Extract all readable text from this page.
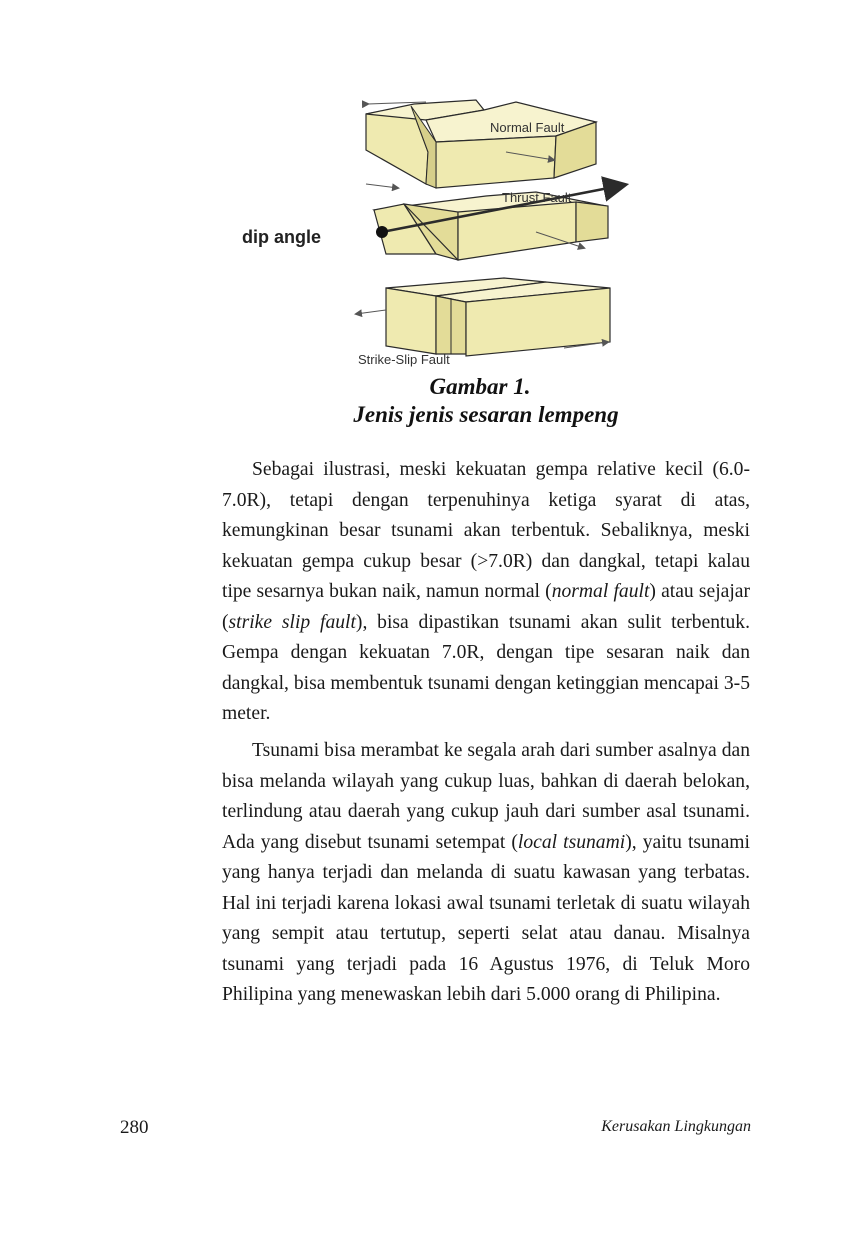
Normal Fault
Thrust Fault
dip angle
Strike-Slip Fault
Gambar 1.
Jenis jenis sesaran lempeng

Sebagai ilustrasi, meski kekuatan gempa relative kecil (6.0-7.0R), tetapi dengan terpenuhinya ketiga syarat di atas, kemungkinan besar tsunami akan terbentuk. Sebaliknya, meski kekuatan gempa cukup besar (>7.0R) dan dangkal, tetapi kalau tipe sesarnya bukan naik, namun normal (normal fault) atau sejajar (strike slip fault), bisa dipastikan tsunami akan sulit terbentuk. Gempa dengan kekuatan 7.0R, dengan tipe sesaran naik dan dangkal, bisa membentuk tsunami dengan ketinggian mencapai 3-5 meter.

Tsunami bisa merambat ke segala arah dari sumber asalnya dan bisa melanda wilayah yang cukup luas, bahkan di daerah belokan, terlindung atau daerah yang cukup jauh dari sumber asal tsunami. Ada yang disebut tsunami setempat (local tsunami), yaitu tsunami yang hanya terjadi dan melanda di suatu kawasan yang terbatas. Hal ini terjadi karena lokasi awal tsunami terletak di suatu wilayah yang sempit atau tertutup, seperti selat atau danau. Misalnya tsunami yang terjadi pada 16 Agustus 1976, di Teluk Moro Philipina yang menewaskan lebih dari 5.000 orang di Philipina.

280	Kerusakan Lingkungan
